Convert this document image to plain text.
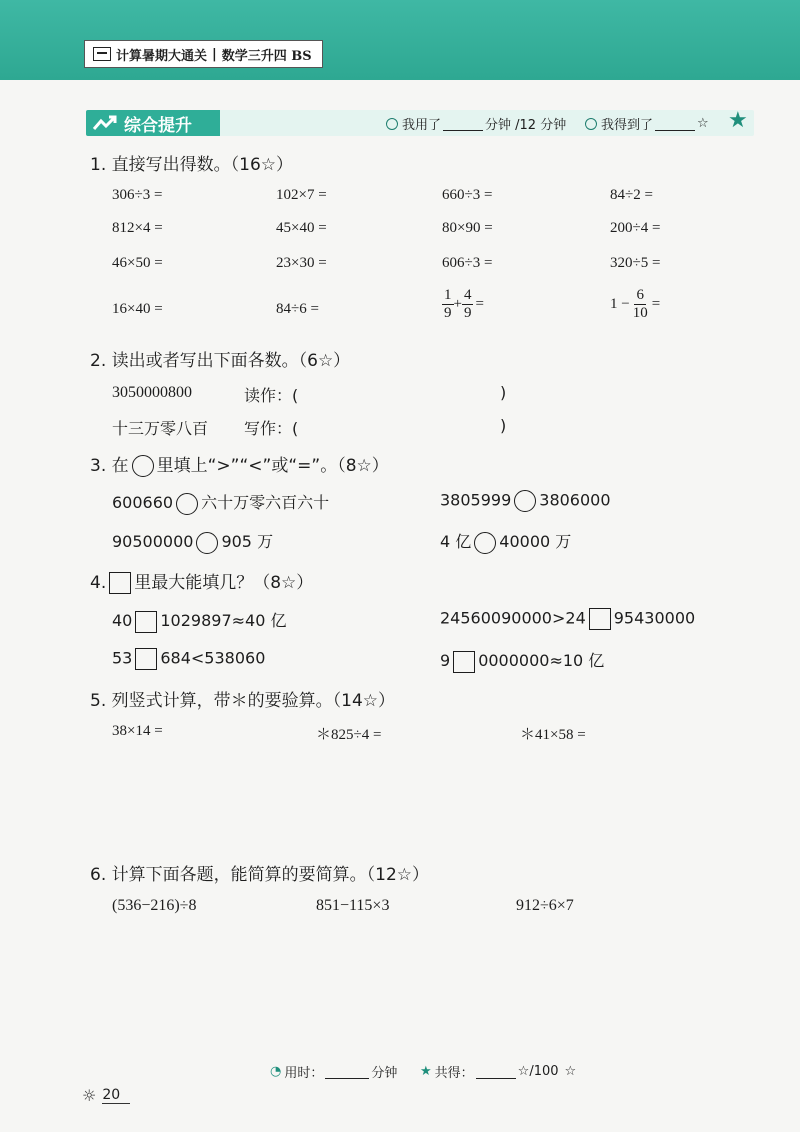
计算暑期大通关 | 数学三升四 BS
综合提升	我用了	分钟 /12 分钟	我得到了	☆ ★
1. 直接写出得数。（16☆）
306÷3 =	102×7 =	660÷3 =	84÷2 =
812×4 =	45×40 =	80×90 =	200÷4 =
46×50 =	23×30 =	606÷3 =	320÷5 =
16×40 =	84÷6 =	$\frac{1}{9} + \frac{4}{9}$ =	$1 - \frac{6}{10}$ =
2. 读出或者写出下面各数。（6☆）
3050000800	读作：(	)
十三万零八百 写作：(	)
3. 在 里填上“>”“<”或“=”。（8☆）
600660 六十万零六百六十	3805999 3806000
90500000 905 万	4 亿 40000 万
4. 里最大能填几？（8☆）
40 1029897≈40 亿	24560090000>24 95430000
53 684<538060	9 0000000≈10 亿
5. 列竖式计算，带＊的要验算。（14☆）
38×14 =	＊825÷4 =	＊41×58 =
6. 计算下面各题，能简算的要简算。（12☆）
(536−216)÷8	851−115×3	912÷6×7
◔ 用时：	分钟 ★ 共得：	☆/100 ☆
☼ 20
